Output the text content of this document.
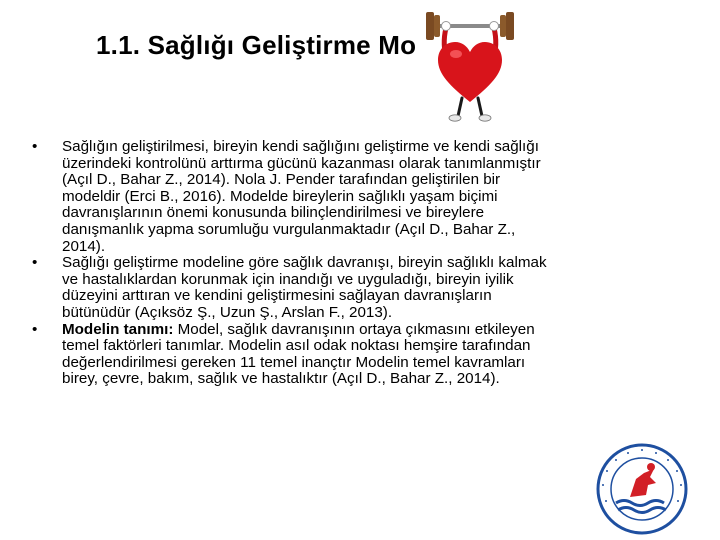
1.1. Sağlığı Geliştirme Mo
• Sağlığın geliştirilmesi, bireyin kendi sağlığını geliştirme ve kendi sağlığı üzerindeki kontrolünü arttırma gücünü kazanması olarak tanımlanmıştır (Açıl D., Bahar Z., 2014). Nola J. Pender tarafından geliştirilen bir modeldir (Erci B., 2016). Modelde bireylerin sağlıklı yaşam biçimi davranışlarının önemi konusunda bilinçlendirilmesi ve bireylere danışmanlık yapma sorumluğu vurgulanmaktadır (Açıl D., Bahar Z., 2014).
• Sağlığı geliştirme modeline göre sağlık davranışı, bireyin sağlıklı kalmak ve hastalıklardan korunmak için inandığı ve uyguladığı, bireyin iyilik düzeyini arttıran ve kendini geliştirmesini sağlayan davranışların bütünüdür (Açıksöz Ş., Uzun Ş., Arslan F., 2013).
• Modelin tanımı: Model, sağlık davranışının ortaya çıkmasını etkileyen temel faktörleri tanımlar. Modelin asıl odak noktası hemşire tarafından değerlendirilmesi gereken 11 temel inançtır Modelin temel kavramları birey, çevre, bakım, sağlık ve hastalıktır (Açıl D., Bahar Z., 2014).
